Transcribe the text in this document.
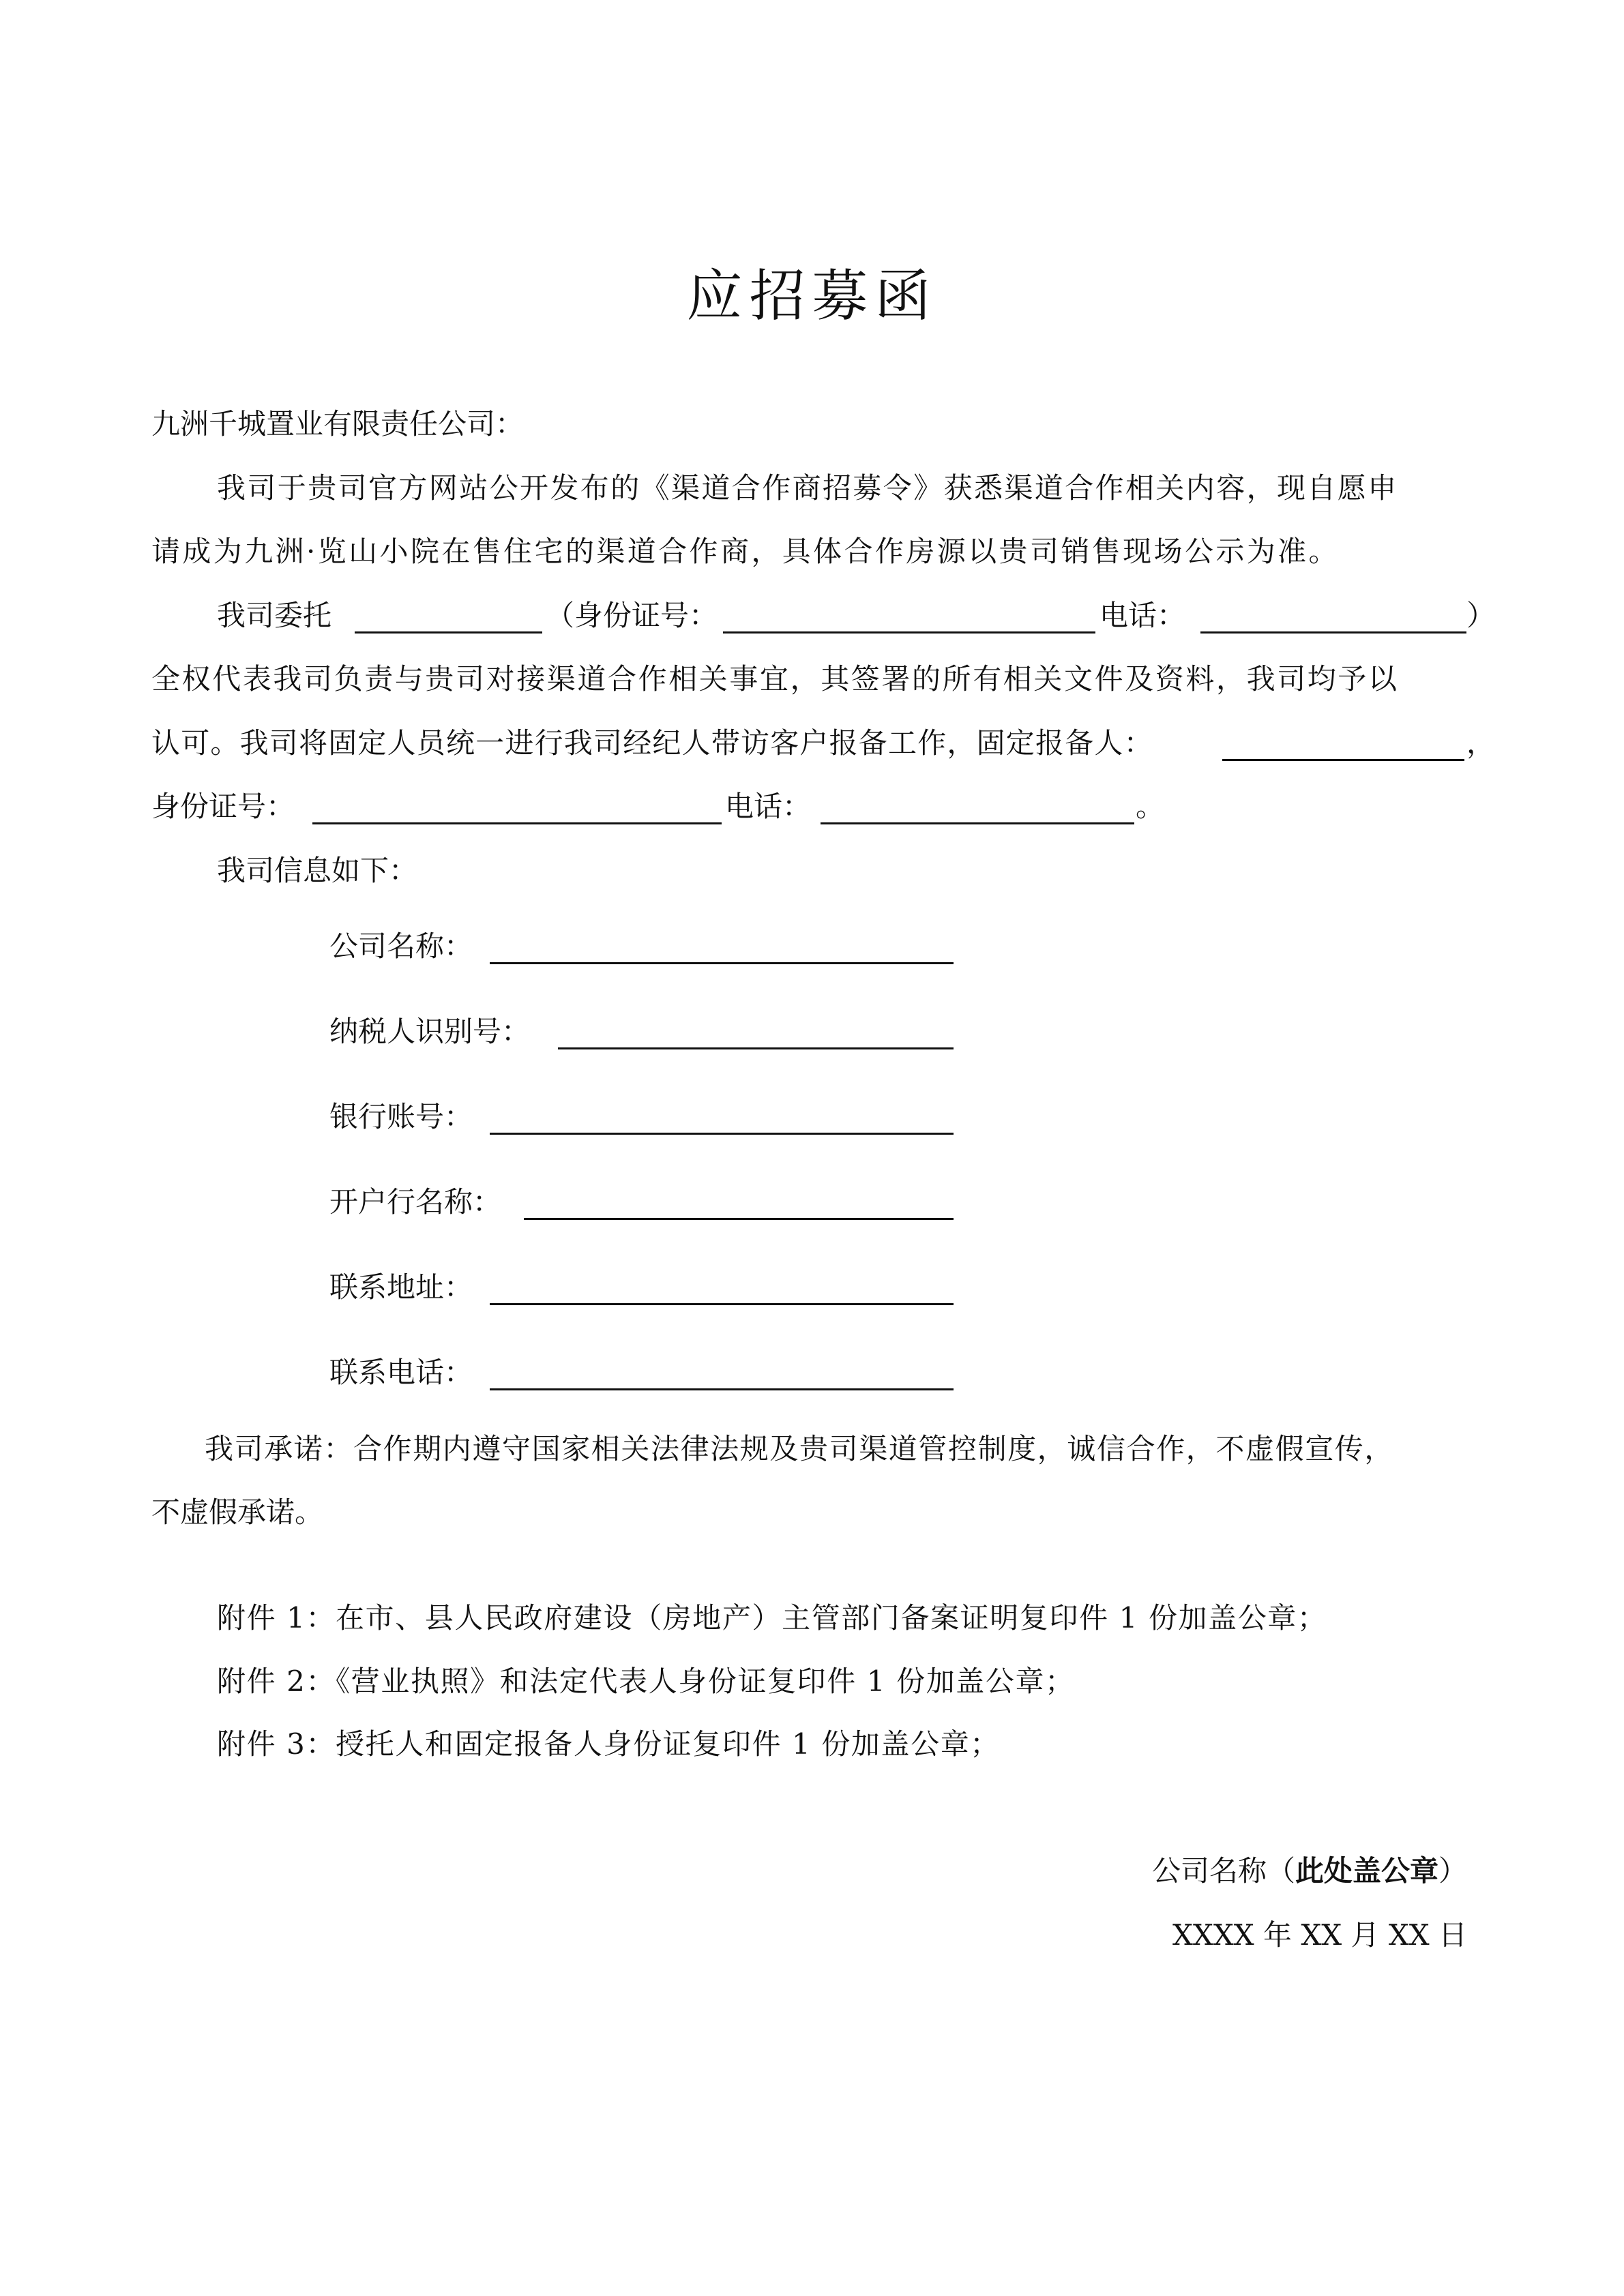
应招募函
九洲千城置业有限责任公司：
我司于贵司官方网站公开发布的《渠道合作商招募令》获悉渠道合作相关内容，现自愿申
请成为九洲·览山小院在售住宅的渠道合作商，具体合作房源以贵司销售现场公示为准。
我司委托	（身份证号：	电话：	）
全权代表我司负责与贵司对接渠道合作相关事宜，其签署的所有相关文件及资料，我司均予以
认可。我司将固定人员统一进行我司经纪人带访客户报备工作，固定报备人：	，
身份证号：	电话：	。
我司信息如下：
公司名称：
纳税人识别号：
银行账号：
开户行名称：
联系地址：
联系电话：
我司承诺：合作期内遵守国家相关法律法规及贵司渠道管控制度，诚信合作，不虚假宣传，
不虚假承诺。
附件 1：在市、县人民政府建设（房地产）主管部门备案证明复印件 1 份加盖公章；
附件 2：《营业执照》和法定代表人身份证复印件 1 份加盖公章；
附件 3：授托人和固定报备人身份证复印件 1 份加盖公章；
公司名称（此处盖公章）
XXXX 年 XX 月 XX 日
